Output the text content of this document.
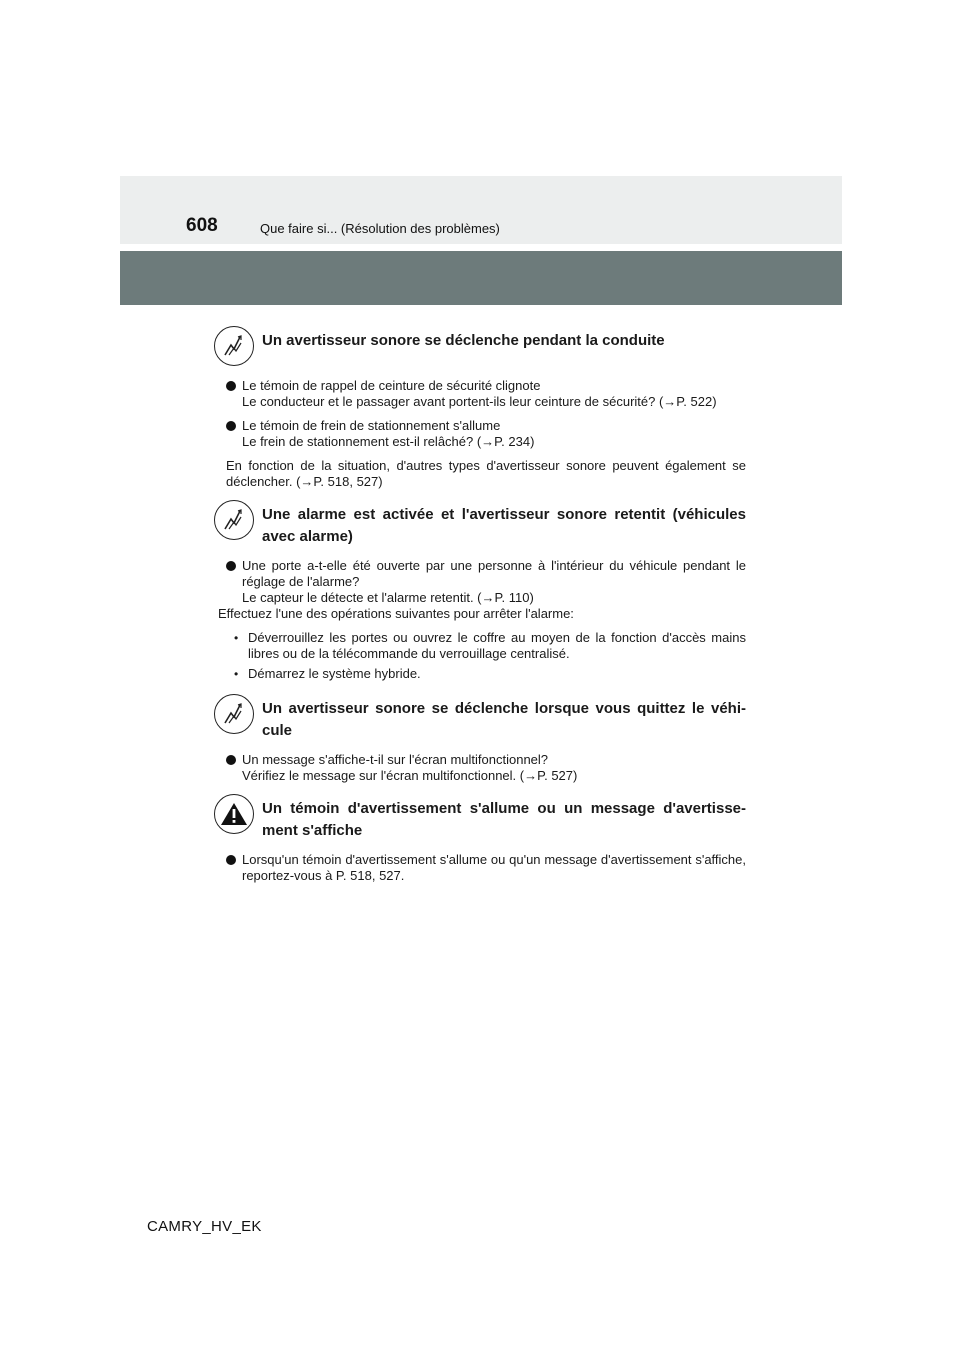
608	Que faire si... (Résolution des problèmes)
Un avertisseur sonore se déclenche pendant la conduite
Le témoin de rappel de ceinture de sécurité clignote
Le conducteur et le passager avant portent-ils leur ceinture de sécurité? (→P. 522)
Le témoin de frein de stationnement s'allume
Le frein de stationnement est-il relâché? (→P. 234)
En fonction de la situation, d'autres types d'avertisseur sonore peuvent également se déclencher. (→P. 518, 527)
Une alarme est activée et l'avertisseur sonore retentit (véhicules avec alarme)
Une porte a-t-elle été ouverte par une personne à l'intérieur du véhicule pendant le réglage de l'alarme?
Le capteur le détecte et l'alarme retentit. (→P. 110)
Effectuez l'une des opérations suivantes pour arrêter l'alarme:
• Déverrouillez les portes ou ouvrez le coffre au moyen de la fonction d'accès mains libres ou de la télécommande du verrouillage centralisé.
• Démarrez le système hybride.
Un avertisseur sonore se déclenche lorsque vous quittez le véhi-cule
Un message s'affiche-t-il sur l'écran multifonctionnel?
Vérifiez le message sur l'écran multifonctionnel. (→P. 527)
Un témoin d'avertissement s'allume ou un message d'avertisse-ment s'affiche
Lorsqu'un témoin d'avertissement s'allume ou qu'un message d'avertissement s'affiche, reportez-vous à P. 518, 527.
CAMRY_HV_EK
